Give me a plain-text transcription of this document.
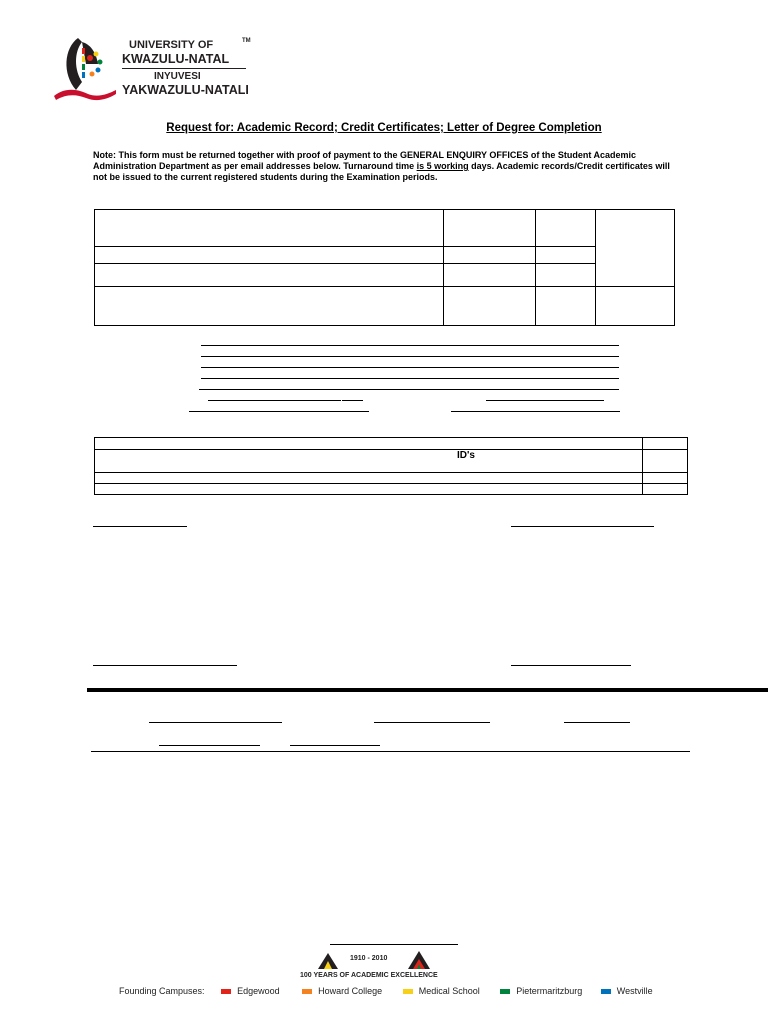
UNIVERSITY OF
KWAZULU-NATAL
INYUVESI
YAKWAZULU-NATALI
TM
Request for: Academic Record; Credit Certificates; Letter of Degree Completion
Note: This form must be returned together with proof of payment to the GENERAL ENQUIRY OFFICES of the Student Academic Administration Department as per email addresses below. Turnaround time is 5 working days. Academic records/Credit certificates will not be issued to the current registered students during the Examination periods.
ID's
1910 - 2010
100 YEARS OF ACADEMIC EXCELLENCE
Founding Campuses:	Edgewood	Howard College	Medical School	Pietermaritzburg	Westville
